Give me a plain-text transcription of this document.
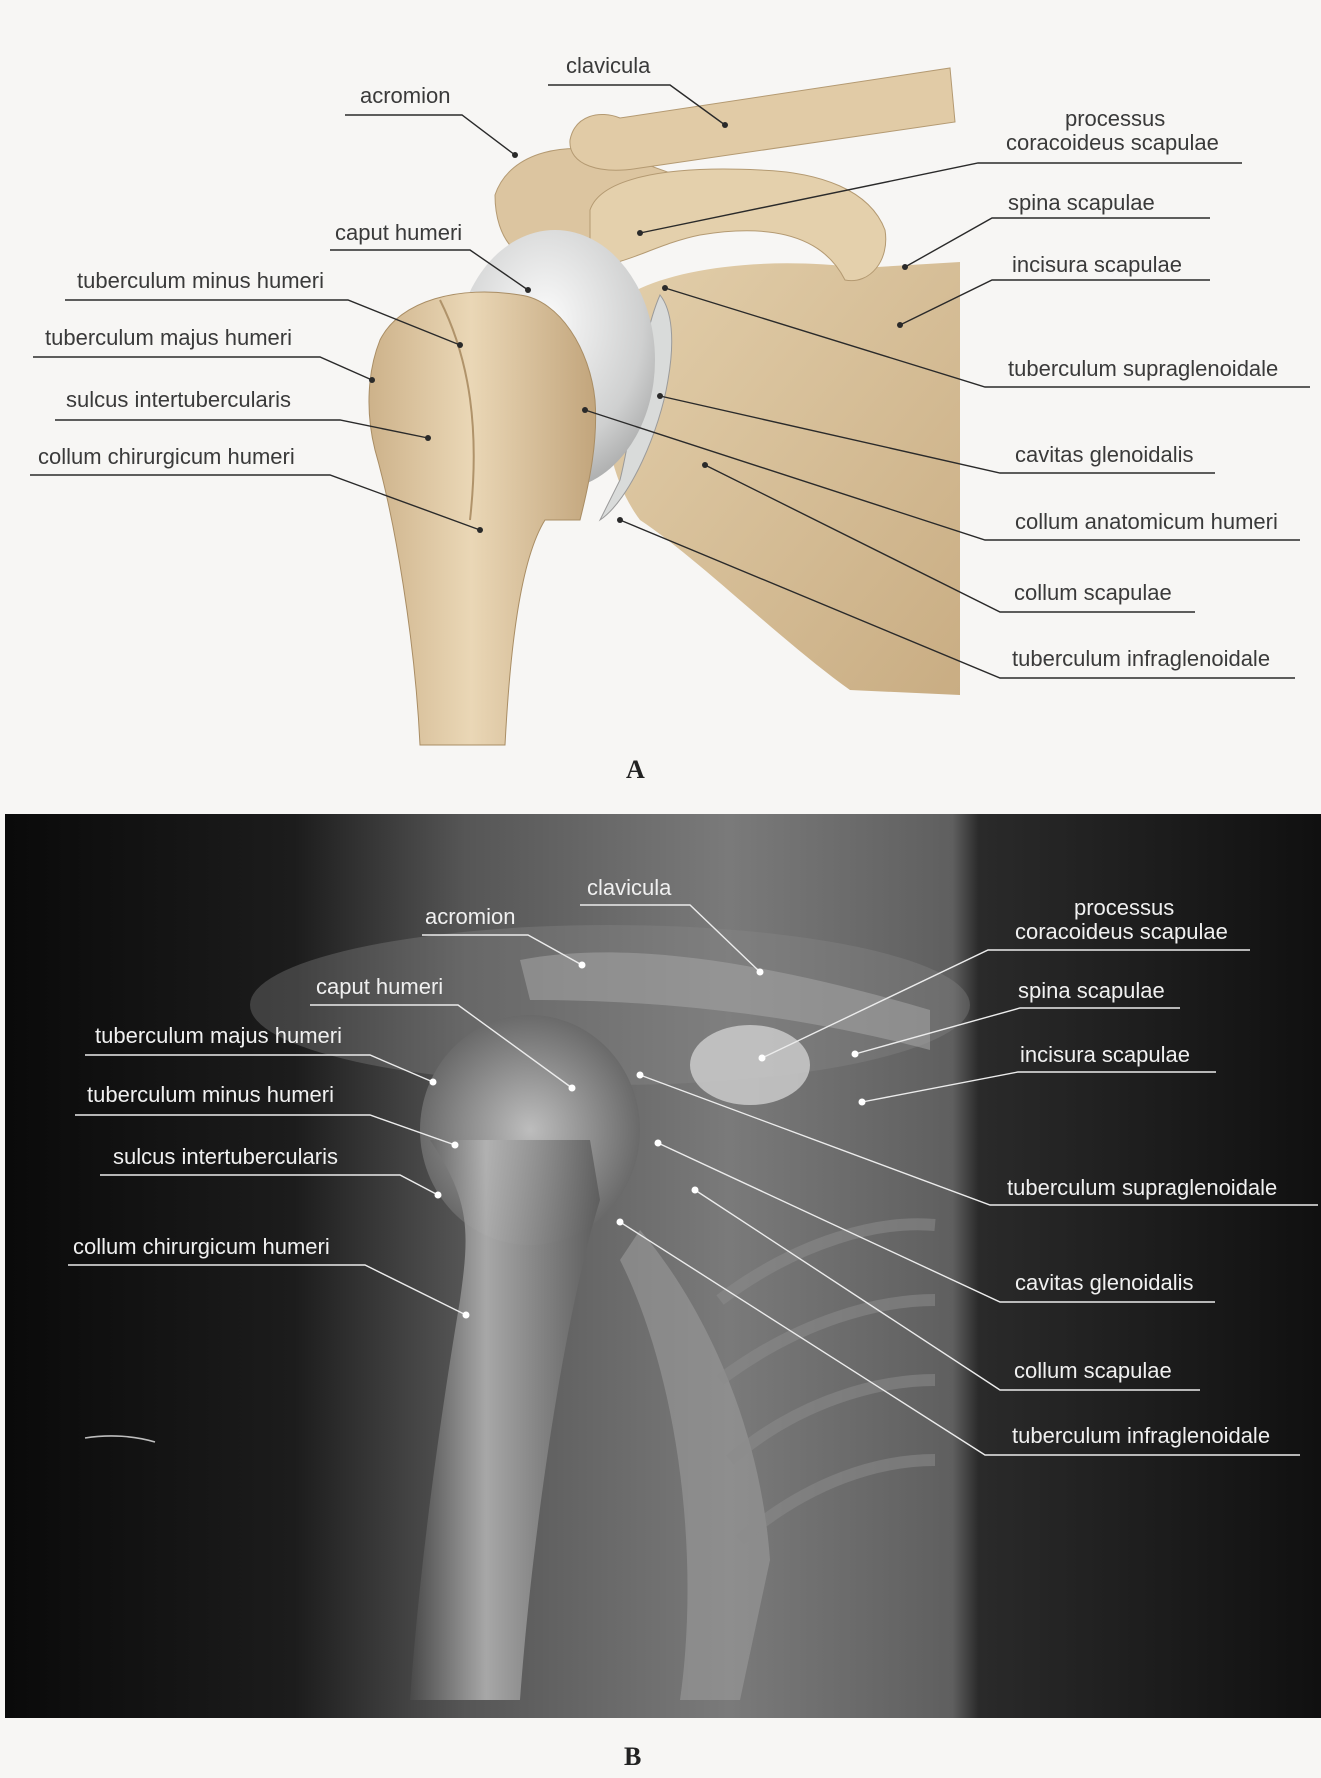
clavicula
acromion
processus
coracoideus scapulae
spina scapulae
caput humeri
incisura scapulae
tuberculum minus humeri
tuberculum majus humeri
tuberculum supraglenoidale
sulcus intertubercularis
cavitas glenoidalis
collum chirurgicum humeri
collum anatomicum humeri
collum scapulae
tuberculum infraglenoidale
A
clavicula
acromion	processus
coracoideus scapulae
caput humeri	spina scapulae
tuberculum majus humeri
incisura scapulae
tuberculum minus humeri
sulcus intertubercularis
tuberculum supraglenoidale
collum chirurgicum humeri
cavitas glenoidalis
collum scapulae
tuberculum infraglenoidale
B
